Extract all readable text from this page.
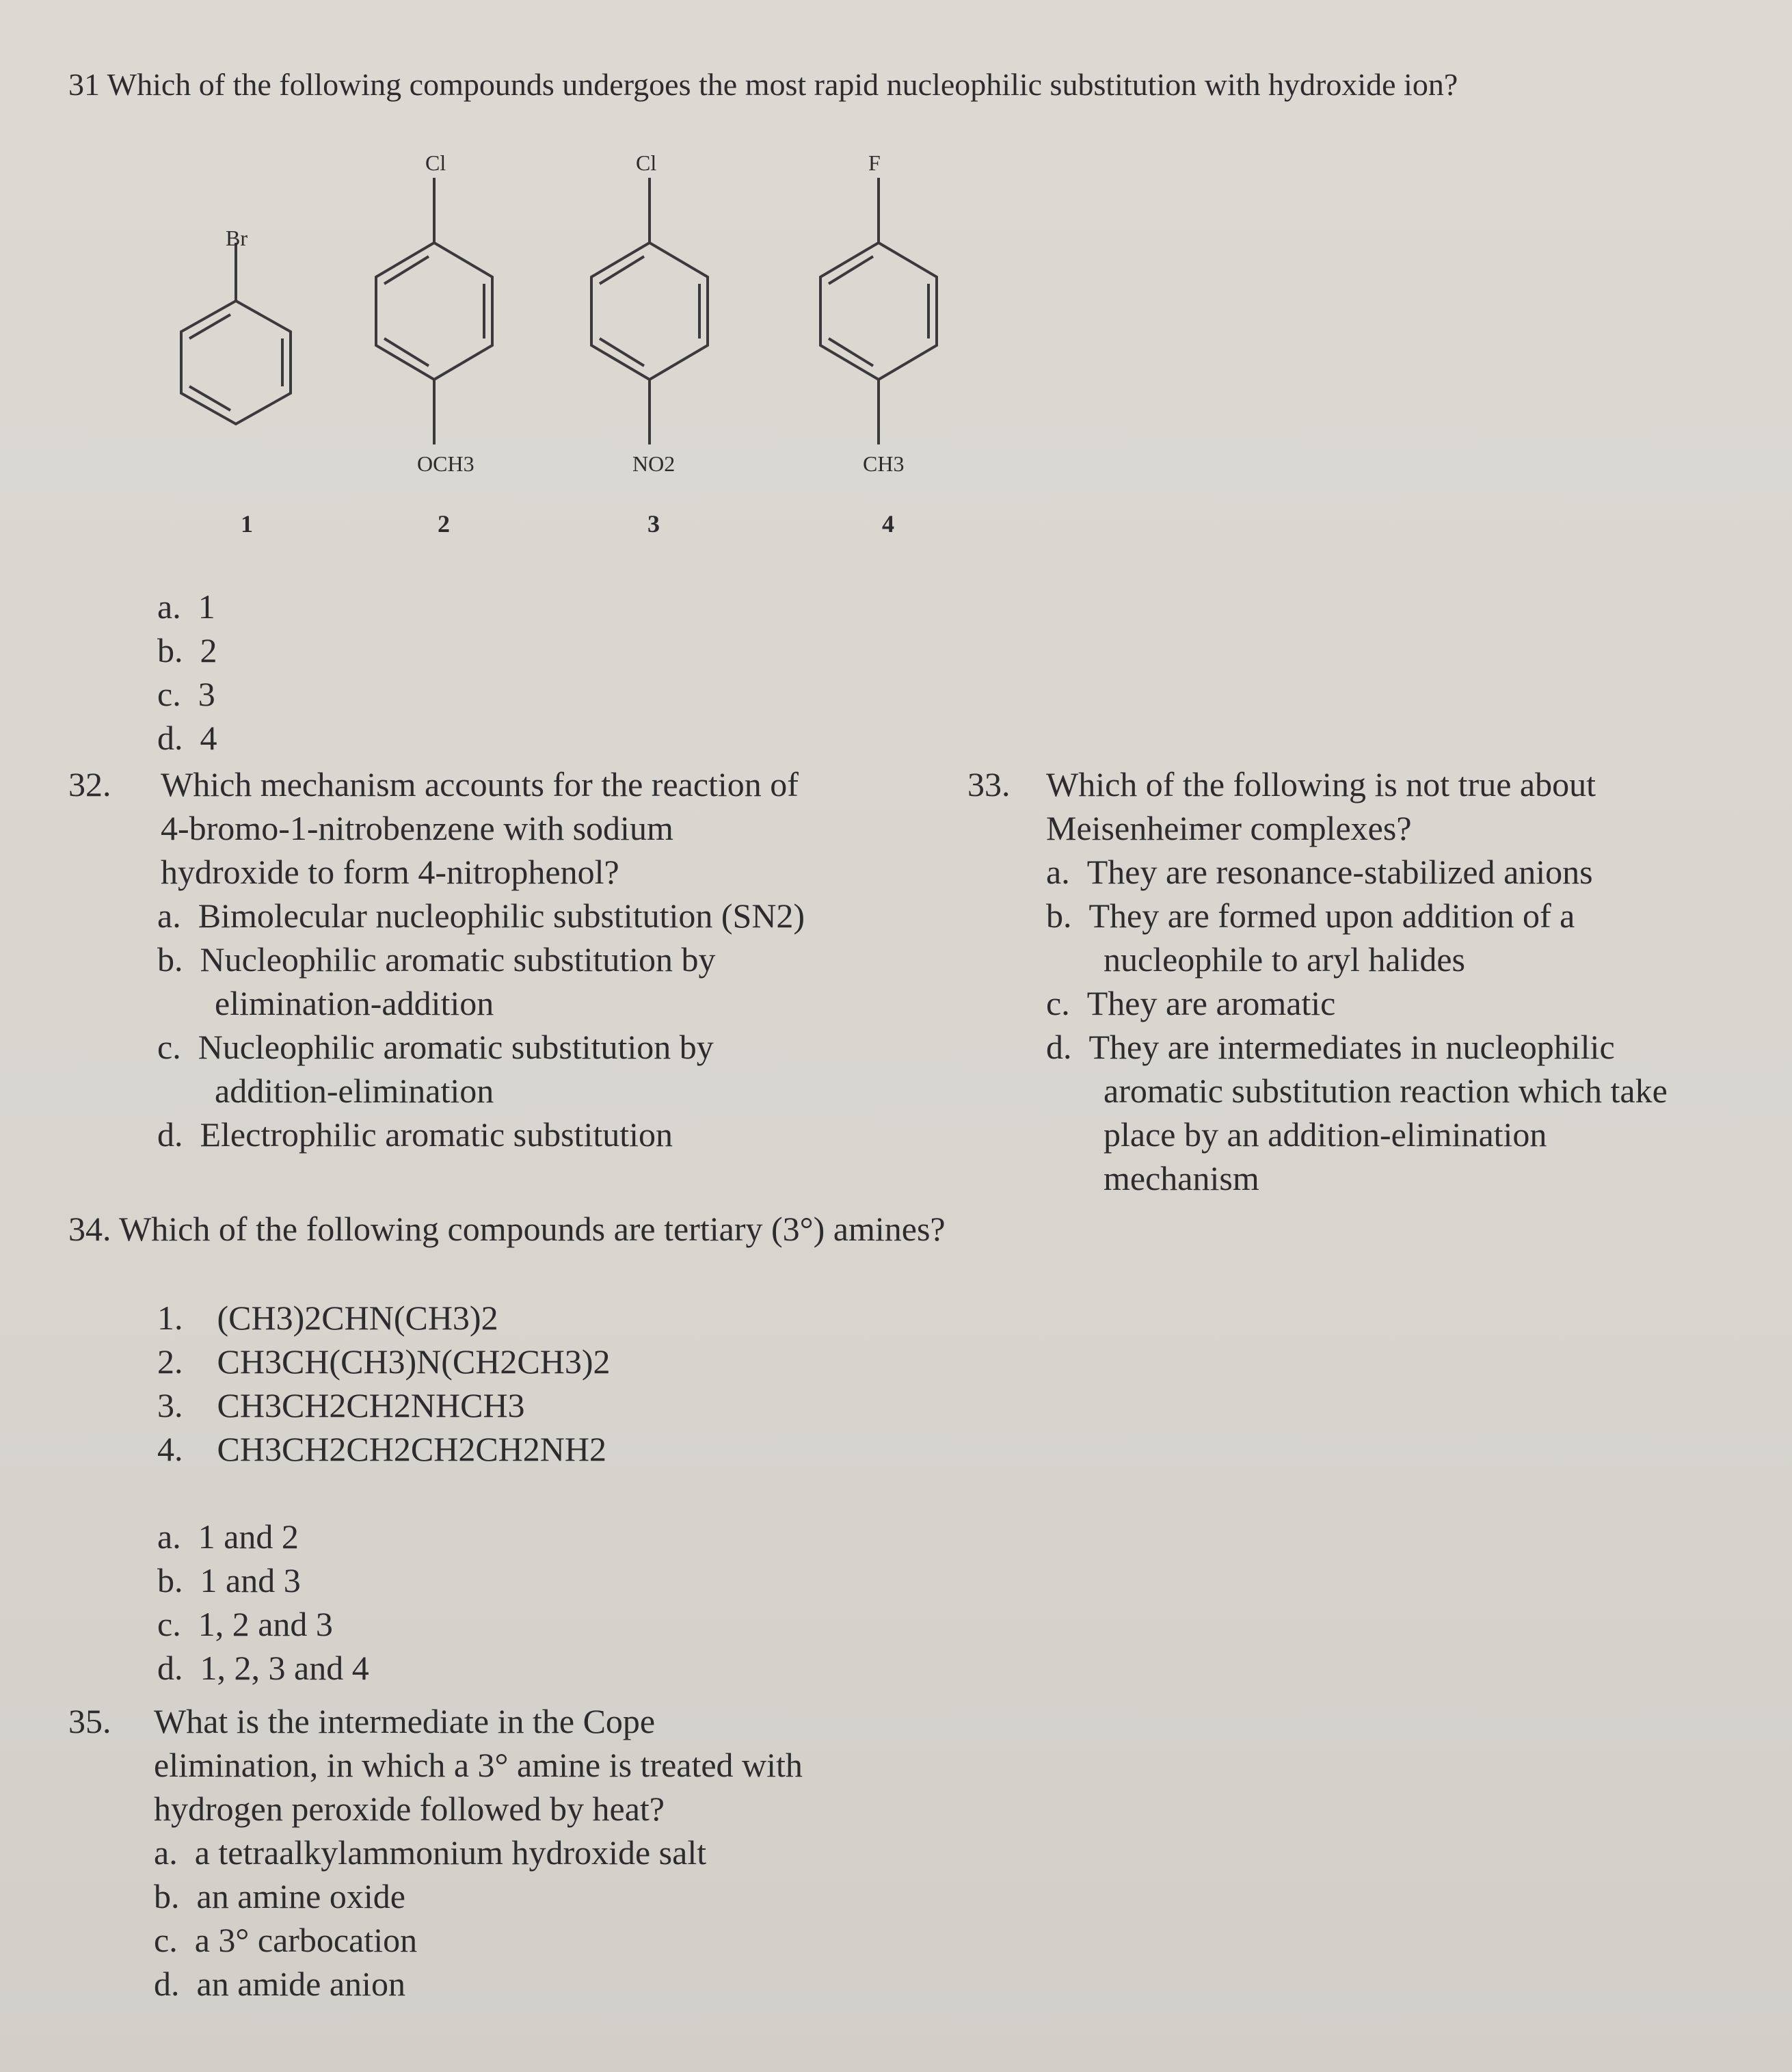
31 Which of the following compounds undergoes the most rapid nucleophilic substitution with hydroxide ion?
Br
1
Cl
OCH3
2
Cl
NO2
3
F
CH3
4
a. 1
b. 2
c. 3
d. 4
32. Which mechanism accounts for the reaction of
4-bromo-1-nitrobenzene with sodium
hydroxide to form 4-nitrophenol?
a. Bimolecular nucleophilic substitution (SN2)
b. Nucleophilic aromatic substitution by
elimination-addition
c. Nucleophilic aromatic substitution by
addition-elimination
d. Electrophilic aromatic substitution
33. Which of the following is not true about
Meisenheimer complexes?
a. They are resonance-stabilized anions
b. They are formed upon addition of a
nucleophile to aryl halides
c. They are aromatic
d. They are intermediates in nucleophilic
aromatic substitution reaction which take
place by an addition-elimination
mechanism
34. Which of the following compounds are tertiary (3°) amines?
1. (CH3)2CHN(CH3)2
2. CH3CH(CH3)N(CH2CH3)2
3. CH3CH2CH2NHCH3
4. CH3CH2CH2CH2CH2NH2
a. 1 and 2
b. 1 and 3
c. 1, 2 and 3
d. 1, 2, 3 and 4
35. What is the intermediate in the Cope
elimination, in which a 3° amine is treated with
hydrogen peroxide followed by heat?
a. a tetraalkylammonium hydroxide salt
b. an amine oxide
c. a 3° carbocation
d. an amide anion
